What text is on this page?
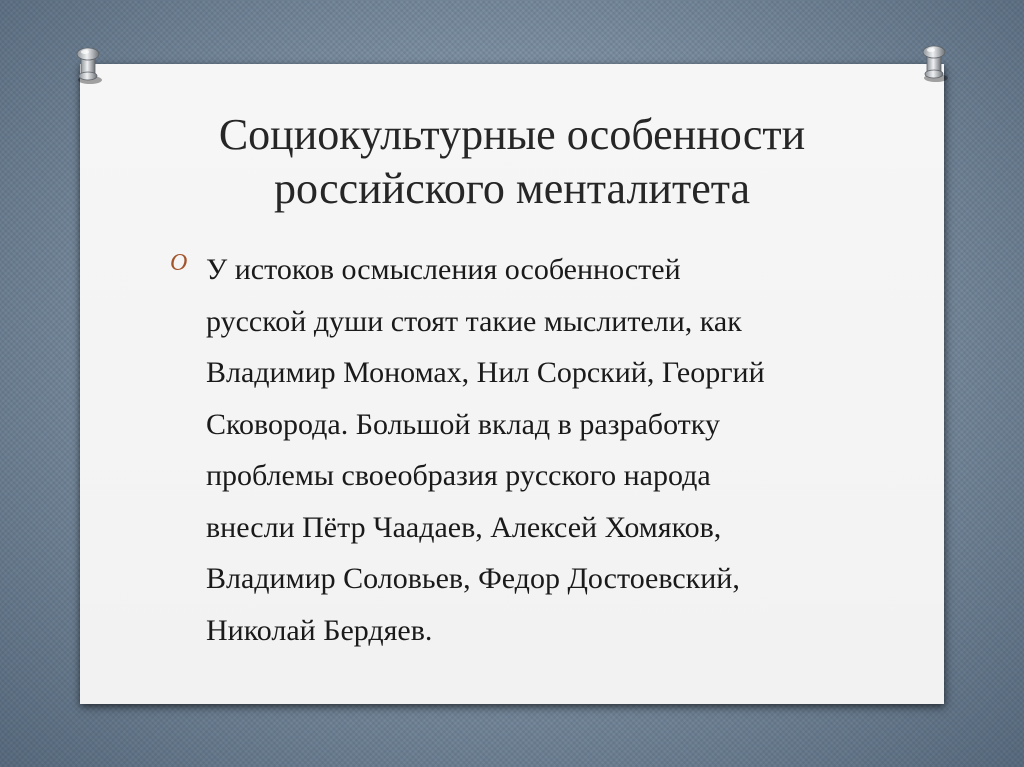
Социокультурные особенности
российского менталитета
O У истоков осмысления особенностей
русской души стоят такие мыслители, как
Владимир Мономах, Нил Сорский, Георгий
Сковорода. Большой вклад в разработку
проблемы своеобразия русского народа
внесли Пётр Чаадаев, Алексей Хомяков,
Владимир Соловьев, Федор Достоевский,
Николай Бердяев.
